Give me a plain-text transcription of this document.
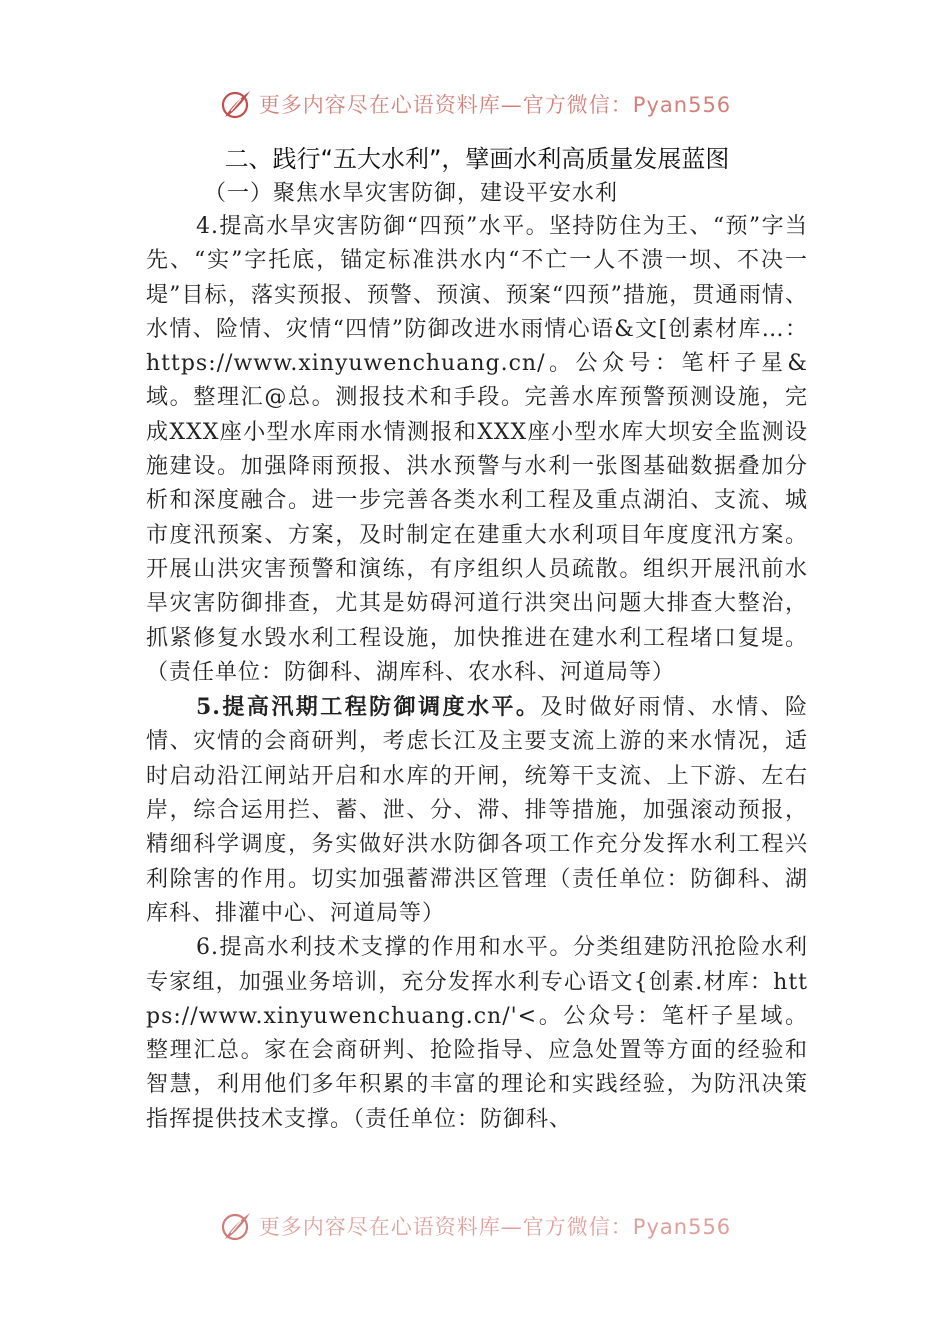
更多内容尽在心语资料库—官方微信：Pyan556
二、践行“五大水利”，擘画水利高质量发展蓝图
（一）聚焦水旱灾害防御，建设平安水利

4.提高水旱灾害防御“四预”水平。坚持防住为王、“预”字当先、“实”字托底，锚定标准洪水内“不亡一人不溃一坝、不决一堤”目标，落实预报、预警、预演、预案“四预”措施，贯通雨情、水情、险情、灾情“四情”防御改进水雨情心语&文[创素材库…：https://www.xinyuwenchuang.cn/。公众号：笔杆子星&域。整理汇@总。测报技术和手段。完善水库预警预测设施，完成XXX座小型水库雨水情测报和XXX座小型水库大坝安全监测设施建设。加强降雨预报、洪水预警与水利一张图基础数据叠加分析和深度融合。进一步完善各类水利工程及重点湖泊、支流、城市度汛预案、方案，及时制定在建重大水利项目年度度汛方案。开展山洪灾害预警和演练，有序组织人员疏散。组织开展汛前水旱灾害防御排查，尤其是妨碍河道行洪突出问题大排查大整治，抓紧修复水毁水利工程设施，加快推进在建水利工程堵口复堤。（责任单位：防御科、湖库科、农水科、河道局等）

5.提高汛期工程防御调度水平。及时做好雨情、水情、险情、灾情的会商研判，考虑长江及主要支流上游的来水情况，适时启动沿江闸站开启和水库的开闸，统筹干支流、上下游、左右岸，综合运用拦、蓄、泄、分、滞、排等措施，加强滚动预报，精细科学调度，务实做好洪水防御各项工作充分发挥水利工程兴利除害的作用。切实加强蓄滞洪区管理（责任单位：防御科、湖库科、排灌中心、河道局等）

6.提高水利技术支撑的作用和水平。分类组建防汛抢险水利专家组，加强业务培训，充分发挥水利专心语文{创素.材库：https://www.xinyuwenchuang.cn/'<。公众号：笔杆子星域。整理汇总。家在会商研判、抢险指导、应急处置等方面的经验和智慧，利用他们多年积累的丰富的理论和实践经验，为防汛决策指挥提供技术支撑。（责任单位：防御科、

更多内容尽在心语资料库—官方微信：Pyan556
